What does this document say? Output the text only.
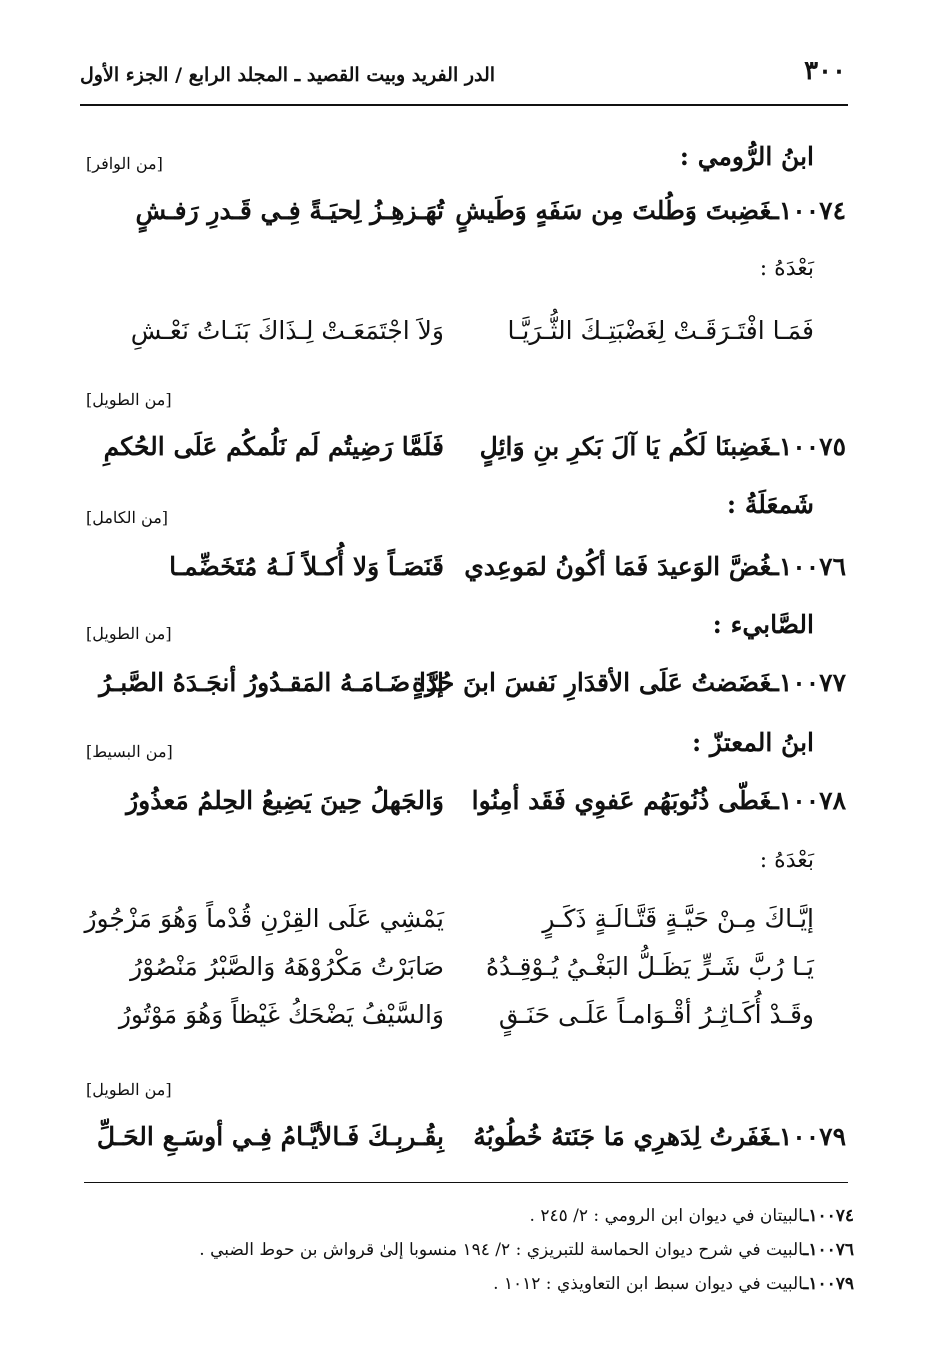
٣٠٠
الدر الفريد وبيت القصيد ـ المجلد الرابع / الجزء الأول
ابنُ الرُّومي :
[من الوافر]
١٠٠٧٤ـغَضِبتَ وَطُلتَ مِن سَفَهٍ وَطَيشٍ
تُهَـزهِـزُ لِحيَـةً فِـي قَـدرِ رَفـشٍ
بَعْدَهُ :
فَمَـا افْتَـرَقَـتْ لِغَضْبَتِـكَ الثُّـرَيَّـا
وَلاَ اجْتَمَعَـتْ لِـذَاكَ بَنَـاتُ نَعْـشِ
[من الطويل]
١٠٠٧٥ـغَضِبنَا لَكُم يَا آلَ بَكرِ بنِ وَائِلٍ
فَلَمَّا رَضِيتُم لَم نَلُمكُم عَلَى الحُكمِ
شَمعَلَةُ :
[من الكامل]
١٠٠٧٦ـغُضَّ الوَعيدَ فَمَا أكُونُ لمَوعِدي
قَنَصَـاً وَلا أُكـلاً لَـهُ مُتَخَضِّمـا
الصَّابيء :
[من الطويل]
١٠٠٧٧ـغَضَضتُ عَلَى الأقدَارِ نَفسَ ابنَ حُرَّةٍ
إذَا ضَـامَـهُ المَقـدُورُ أنجَـدَهُ الصَّبـرُ
ابنُ المعتزّ :
[من البسيط]
١٠٠٧٨ـغَطّى ذُنُوبَهُم عَفوِي فَقَد أمِنُوا
وَالجَهلُ حِينَ يَضِيعُ الحِلمُ مَعذُورُ
بَعْدَهُ :
إيَّـاكَ مِـنْ حَيَّـةٍ قَتَّـالَـةٍ ذَكَـرٍ
يَمْشِي عَلَى القِرْنِ قُدْماً وَهُوَ مَزْجُورُ
يَـا رُبَّ شَـرٍّ يَظَـلُّ البَغْـيُ يُـوْقِـدُهُ
صَابَرْتُ مَكْرُوْهَهُ وَالصَّبْرُ مَنْصُوْرُ
وقَـدْ أُكَـاثِـرُ أقْـوَامـاً عَلَـى حَنَـقٍ
وَالسَّيْفُ يَضْحَكُ غَيْظاً وَهُوَ مَوْتُورُ
[من الطويل]
١٠٠٧٩ـغَفَرتُ لِدَهرِي مَا جَنَتهُ خُطُوبُهُ
بِقُـربِـكَ فَـالأيَّـامُ فِـي أوسَـعِ الحَـلِّ
١٠٠٧٤ـالبيتان في ديوان ابن الرومي : ٢/ ٢٤٥ .
١٠٠٧٦ـالبيت في شرح ديوان الحماسة للتبريزي : ٢/ ١٩٤ منسوبا إلىٰ قرواش بن حوط الضبي .
١٠٠٧٩ـالبيت في ديوان سبط ابن التعاويذي : ١٠١٢ .
